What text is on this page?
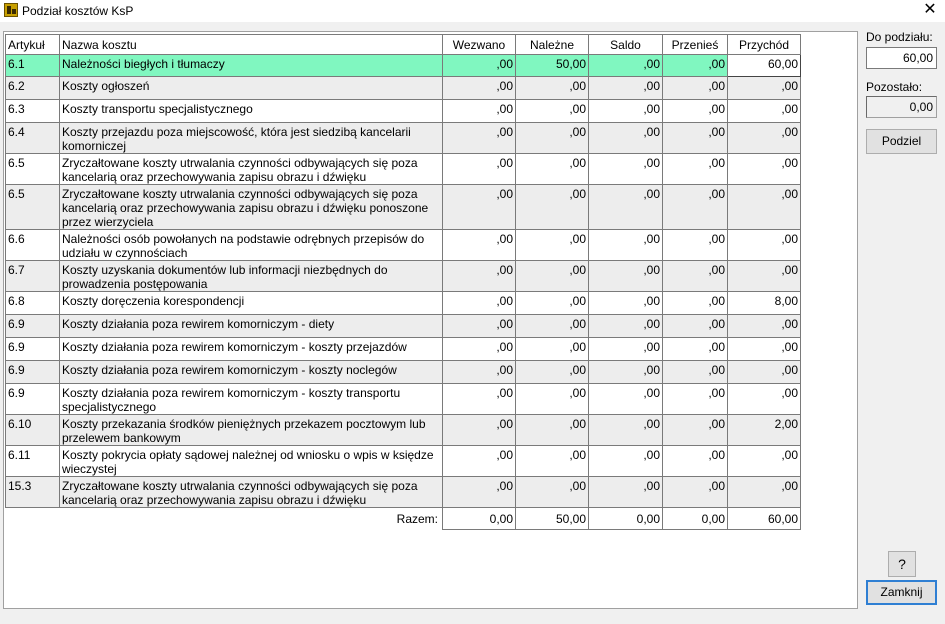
Podział kosztów KsP	✕
Artykuł	Nazwa kosztu	Wezwano	Należne	Saldo	Przenieś	Przychód
6.1	Należności biegłych i tłumaczy	,00	50,00	,00	,00	60,00
6.2	Koszty ogłoszeń	,00	,00	,00	,00	,00
6.3	Koszty transportu specjalistycznego	,00	,00	,00	,00	,00
6.4	Koszty przejazdu poza miejscowość, która jest siedzibą kancelarii komorniczej	,00	,00	,00	,00	,00
6.5	Zryczałtowane koszty utrwalania czynności odbywających się poza kancelarią oraz przechowywania zapisu obrazu i dźwięku	,00	,00	,00	,00	,00
6.5	Zryczałtowane koszty utrwalania czynności odbywających się poza kancelarią oraz przechowywania zapisu obrazu i dźwięku ponoszone przez wierzyciela	,00	,00	,00	,00	,00
6.6	Należności osób powołanych na podstawie odrębnych przepisów do udziału w czynnościach	,00	,00	,00	,00	,00
6.7	Koszty uzyskania dokumentów lub informacji niezbędnych do prowadzenia postępowania	,00	,00	,00	,00	,00
6.8	Koszty doręczenia korespondencji	,00	,00	,00	,00	8,00
6.9	Koszty działania poza rewirem komorniczym - diety	,00	,00	,00	,00	,00
6.9	Koszty działania poza rewirem komorniczym - koszty przejazdów	,00	,00	,00	,00	,00
6.9	Koszty działania poza rewirem komorniczym - koszty noclegów	,00	,00	,00	,00	,00
6.9	Koszty działania poza rewirem komorniczym - koszty transportu specjalistycznego	,00	,00	,00	,00	,00
6.10	Koszty przekazania środków pieniężnych przekazem pocztowym lub przelewem bankowym	,00	,00	,00	,00	2,00
6.11	Koszty pokrycia opłaty sądowej należnej od wniosku o wpis w księdze wieczystej	,00	,00	,00	,00	,00
15.3	Zryczałtowane koszty utrwalania czynności odbywających się poza kancelarią oraz przechowywania zapisu obrazu i dźwięku	,00	,00	,00	,00	,00
	Razem:	0,00	50,00	0,00	0,00	60,00
Do podziału:
60,00
Pozostało:
0,00
Podziel
?
Zamknij
